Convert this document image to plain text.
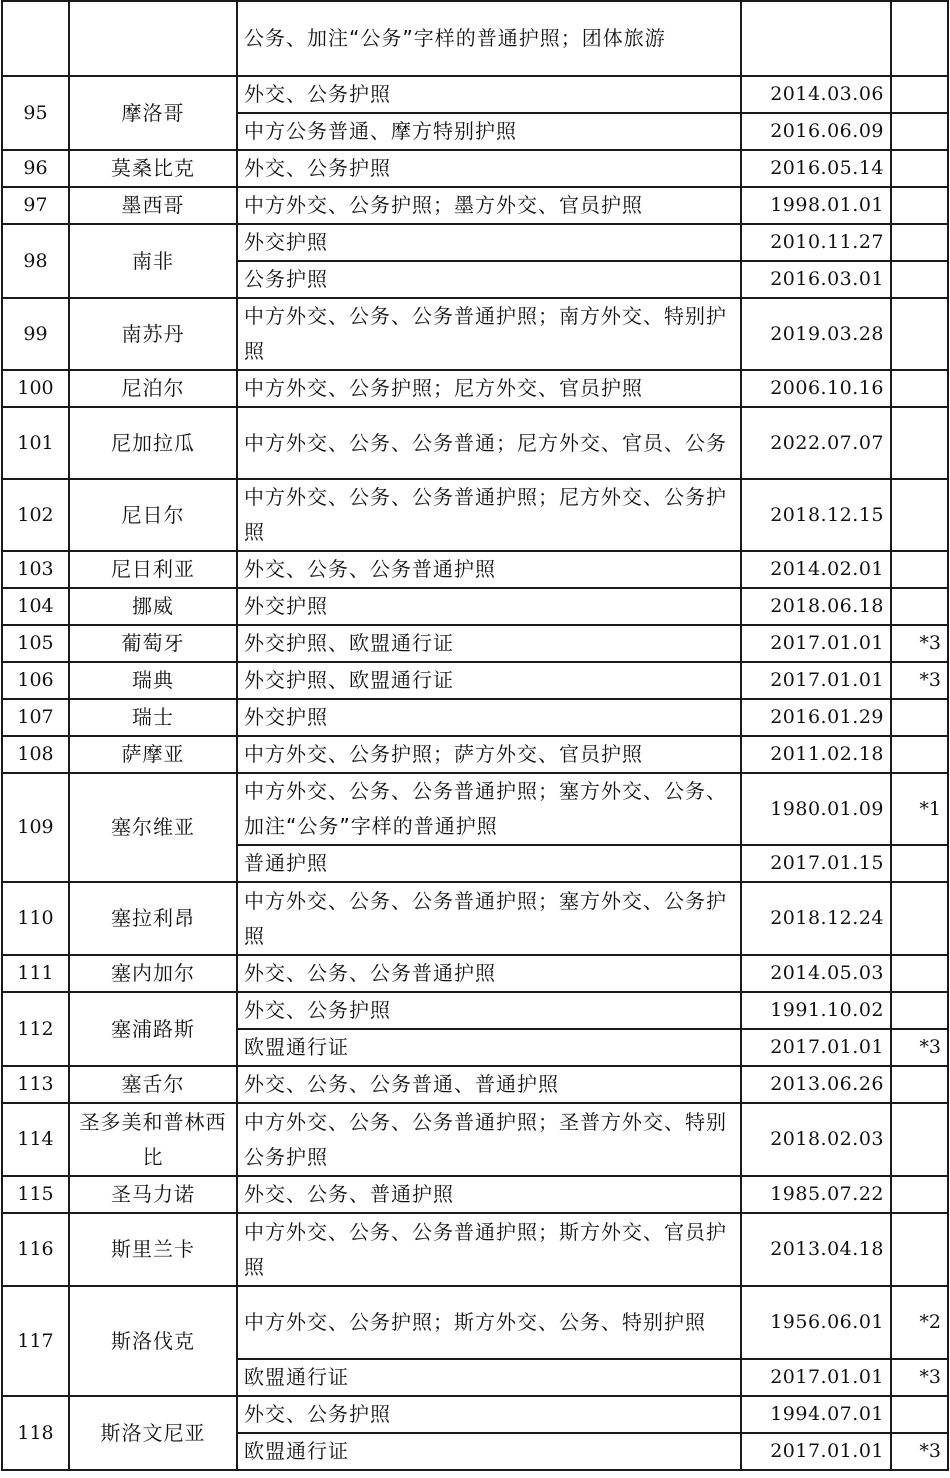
		公务、加注“公务”字样的普通护照；团体旅游		
95	摩洛哥	外交、公务护照	2014.03.06	
		中方公务普通、摩方特别护照	2016.06.09	
96	莫桑比克	外交、公务护照	2016.05.14	
97	墨西哥	中方外交、公务护照；墨方外交、官员护照	1998.01.01	
98	南非	外交护照	2010.11.27	
		公务护照	2016.03.01	
99	南苏丹	中方外交、公务、公务普通护照；南方外交、特别护照	2019.03.28	
100	尼泊尔	中方外交、公务护照；尼方外交、官员护照	2006.10.16	
101	尼加拉瓜	中方外交、公务、公务普通；尼方外交、官员、公务	2022.07.07	
102	尼日尔	中方外交、公务、公务普通护照；尼方外交、公务护照	2018.12.15	
103	尼日利亚	外交、公务、公务普通护照	2014.02.01	
104	挪威	外交护照	2018.06.18	
105	葡萄牙	外交护照、欧盟通行证	2017.01.01	*3
106	瑞典	外交护照、欧盟通行证	2017.01.01	*3
107	瑞士	外交护照	2016.01.29	
108	萨摩亚	中方外交、公务护照；萨方外交、官员护照	2011.02.18	
109	塞尔维亚	中方外交、公务、公务普通护照；塞方外交、公务、加注“公务”字样的普通护照	1980.01.09	*1
		普通护照	2017.01.15	
110	塞拉利昂	中方外交、公务、公务普通护照；塞方外交、公务护照	2018.12.24	
111	塞内加尔	外交、公务、公务普通护照	2014.05.03	
112	塞浦路斯	外交、公务护照	1991.10.02	
		欧盟通行证	2017.01.01	*3
113	塞舌尔	外交、公务、公务普通、普通护照	2013.06.26	
114	圣多美和普林西比	中方外交、公务、公务普通护照；圣普方外交、特别公务护照	2018.02.03	
115	圣马力诺	外交、公务、普通护照	1985.07.22	
116	斯里兰卡	中方外交、公务、公务普通护照；斯方外交、官员护照	2013.04.18	
117	斯洛伐克	中方外交、公务护照；斯方外交、公务、特别护照	1956.06.01	*2
		欧盟通行证	2017.01.01	*3
118	斯洛文尼亚	外交、公务护照	1994.07.01	
		欧盟通行证	2017.01.01	*3
